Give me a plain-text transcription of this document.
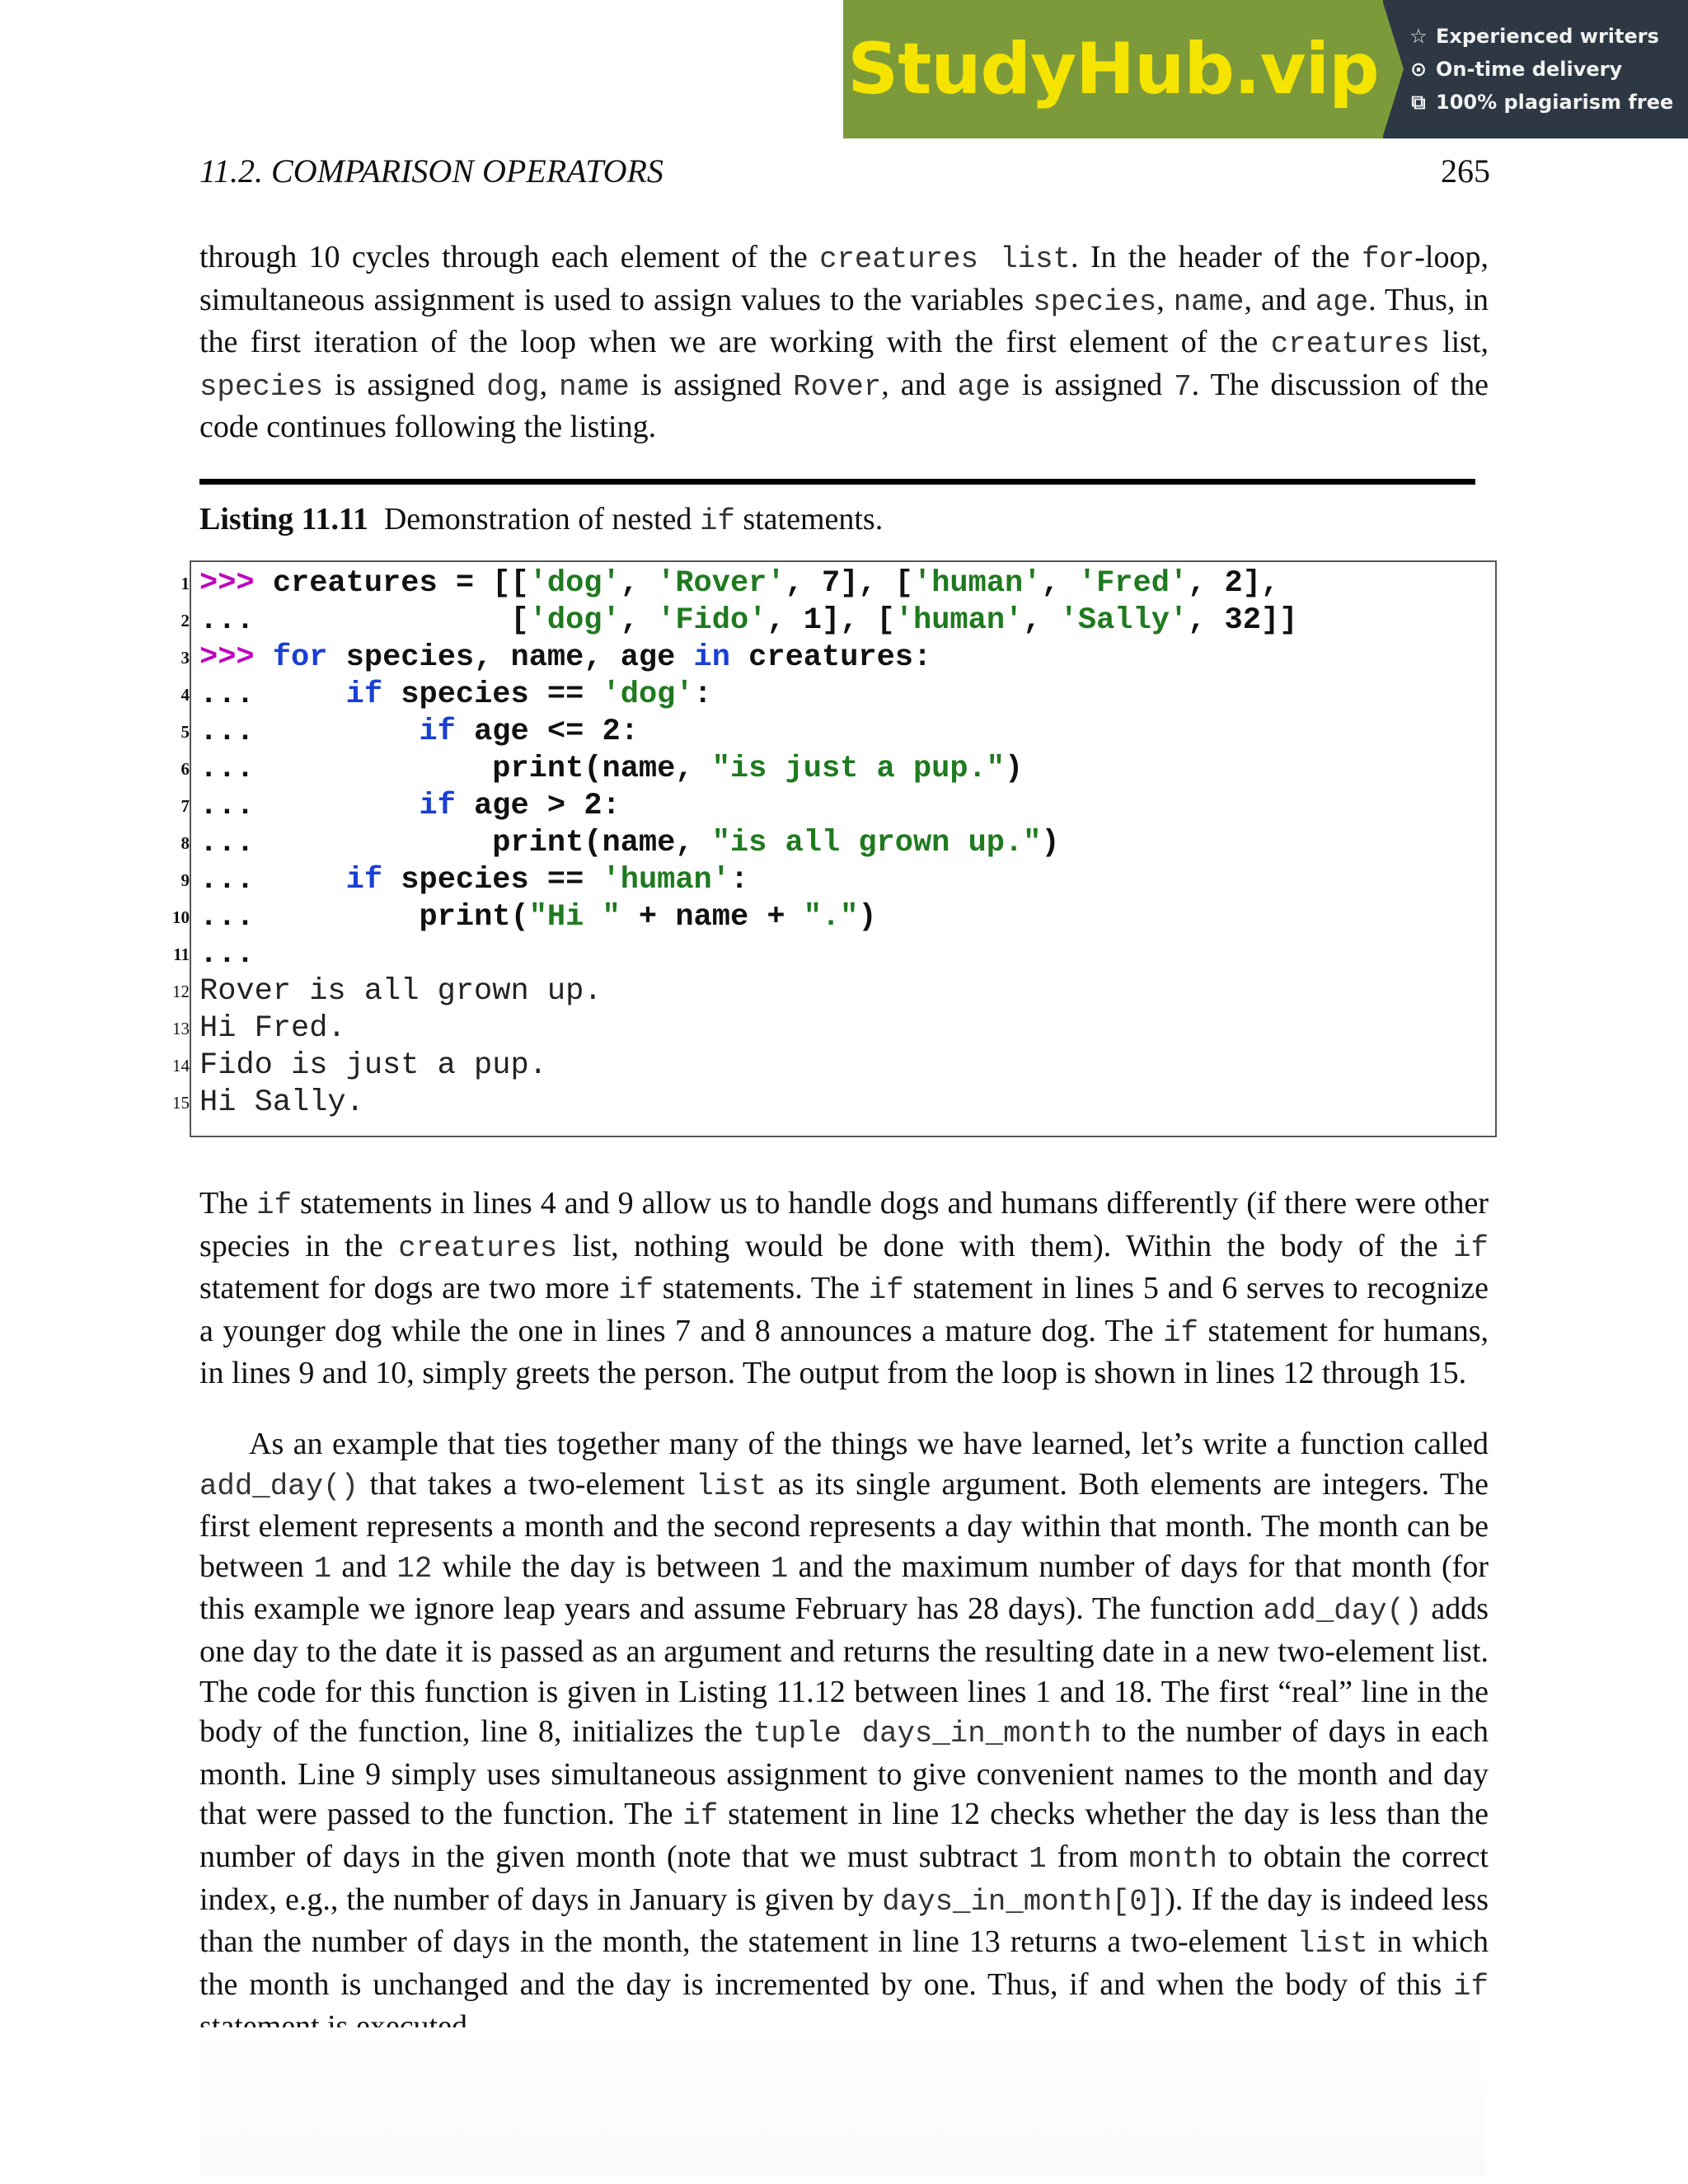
StudyHub.vip ☆ Experienced writers
⊙ On-time delivery
⧉ 100% plagiarism free
11.2. COMPARISON OPERATORS	265

through 10 cycles through each element of the creatures list. In the header of the for-loop, simultaneous assignment is used to assign values to the variables species, name, and age. Thus, in the first iteration of the loop when we are working with the first element of the creatures list, species is assigned dog, name is assigned Rover, and age is assigned 7. The discussion of the code continues following the listing.

Listing 11.11 Demonstration of nested if statements.
1 >>> creatures = [['dog', 'Rover', 7], ['human', 'Fred', 2],
2 ...              ['dog', 'Fido', 1], ['human', 'Sally', 32]]
3 >>> for species, name, age in creatures:
4 ...	if species == 'dog':
5 ...	if age <= 2:
6 ...             print(name, "is just a pup.")
7 ...	if age > 2:
8 ...             print(name, "is all grown up.")
9 ...	if species == 'human':
10 ...         print("Hi " + name + ".")
11 ...
12 Rover is all grown up.
13 Hi Fred.
14 Fido is just a pup.
15 Hi Sally.

The if statements in lines 4 and 9 allow us to handle dogs and humans differently (if there were other species in the creatures list, nothing would be done with them). Within the body of the if statement for dogs are two more if statements. The if statement in lines 5 and 6 serves to recognize a younger dog while the one in lines 7 and 8 announces a mature dog. The if statement for humans, in lines 9 and 10, simply greets the person. The output from the loop is shown in lines 12 through 15.

As an example that ties together many of the things we have learned, let’s write a function called add_day() that takes a two-element list as its single argument. Both elements are integers. The first element represents a month and the second represents a day within that month. The month can be between 1 and 12 while the day is between 1 and the maximum number of days for that month (for this example we ignore leap years and assume February has 28 days). The function add_day() adds one day to the date it is passed as an argument and returns the resulting date in a new two-element list. The code for this function is given in Listing 11.12 between lines 1 and 18. The first “real” line in the body of the function, line 8, initializes the tuple days_in_month to the number of days in each month. Line 9 simply uses simultaneous assignment to give convenient names to the month and day that were passed to the function. The if statement in line 12 checks whether the day is less than the number of days in the given month (note that we must subtract 1 from month to obtain the correct index, e.g., the number of days in January is given by days_in_month[0]). If the day is indeed less than the number of days in the month, the statement in line 13 returns a two-element list in which the month is unchanged and the day is incremented by one. Thus, if and when the body of this if
